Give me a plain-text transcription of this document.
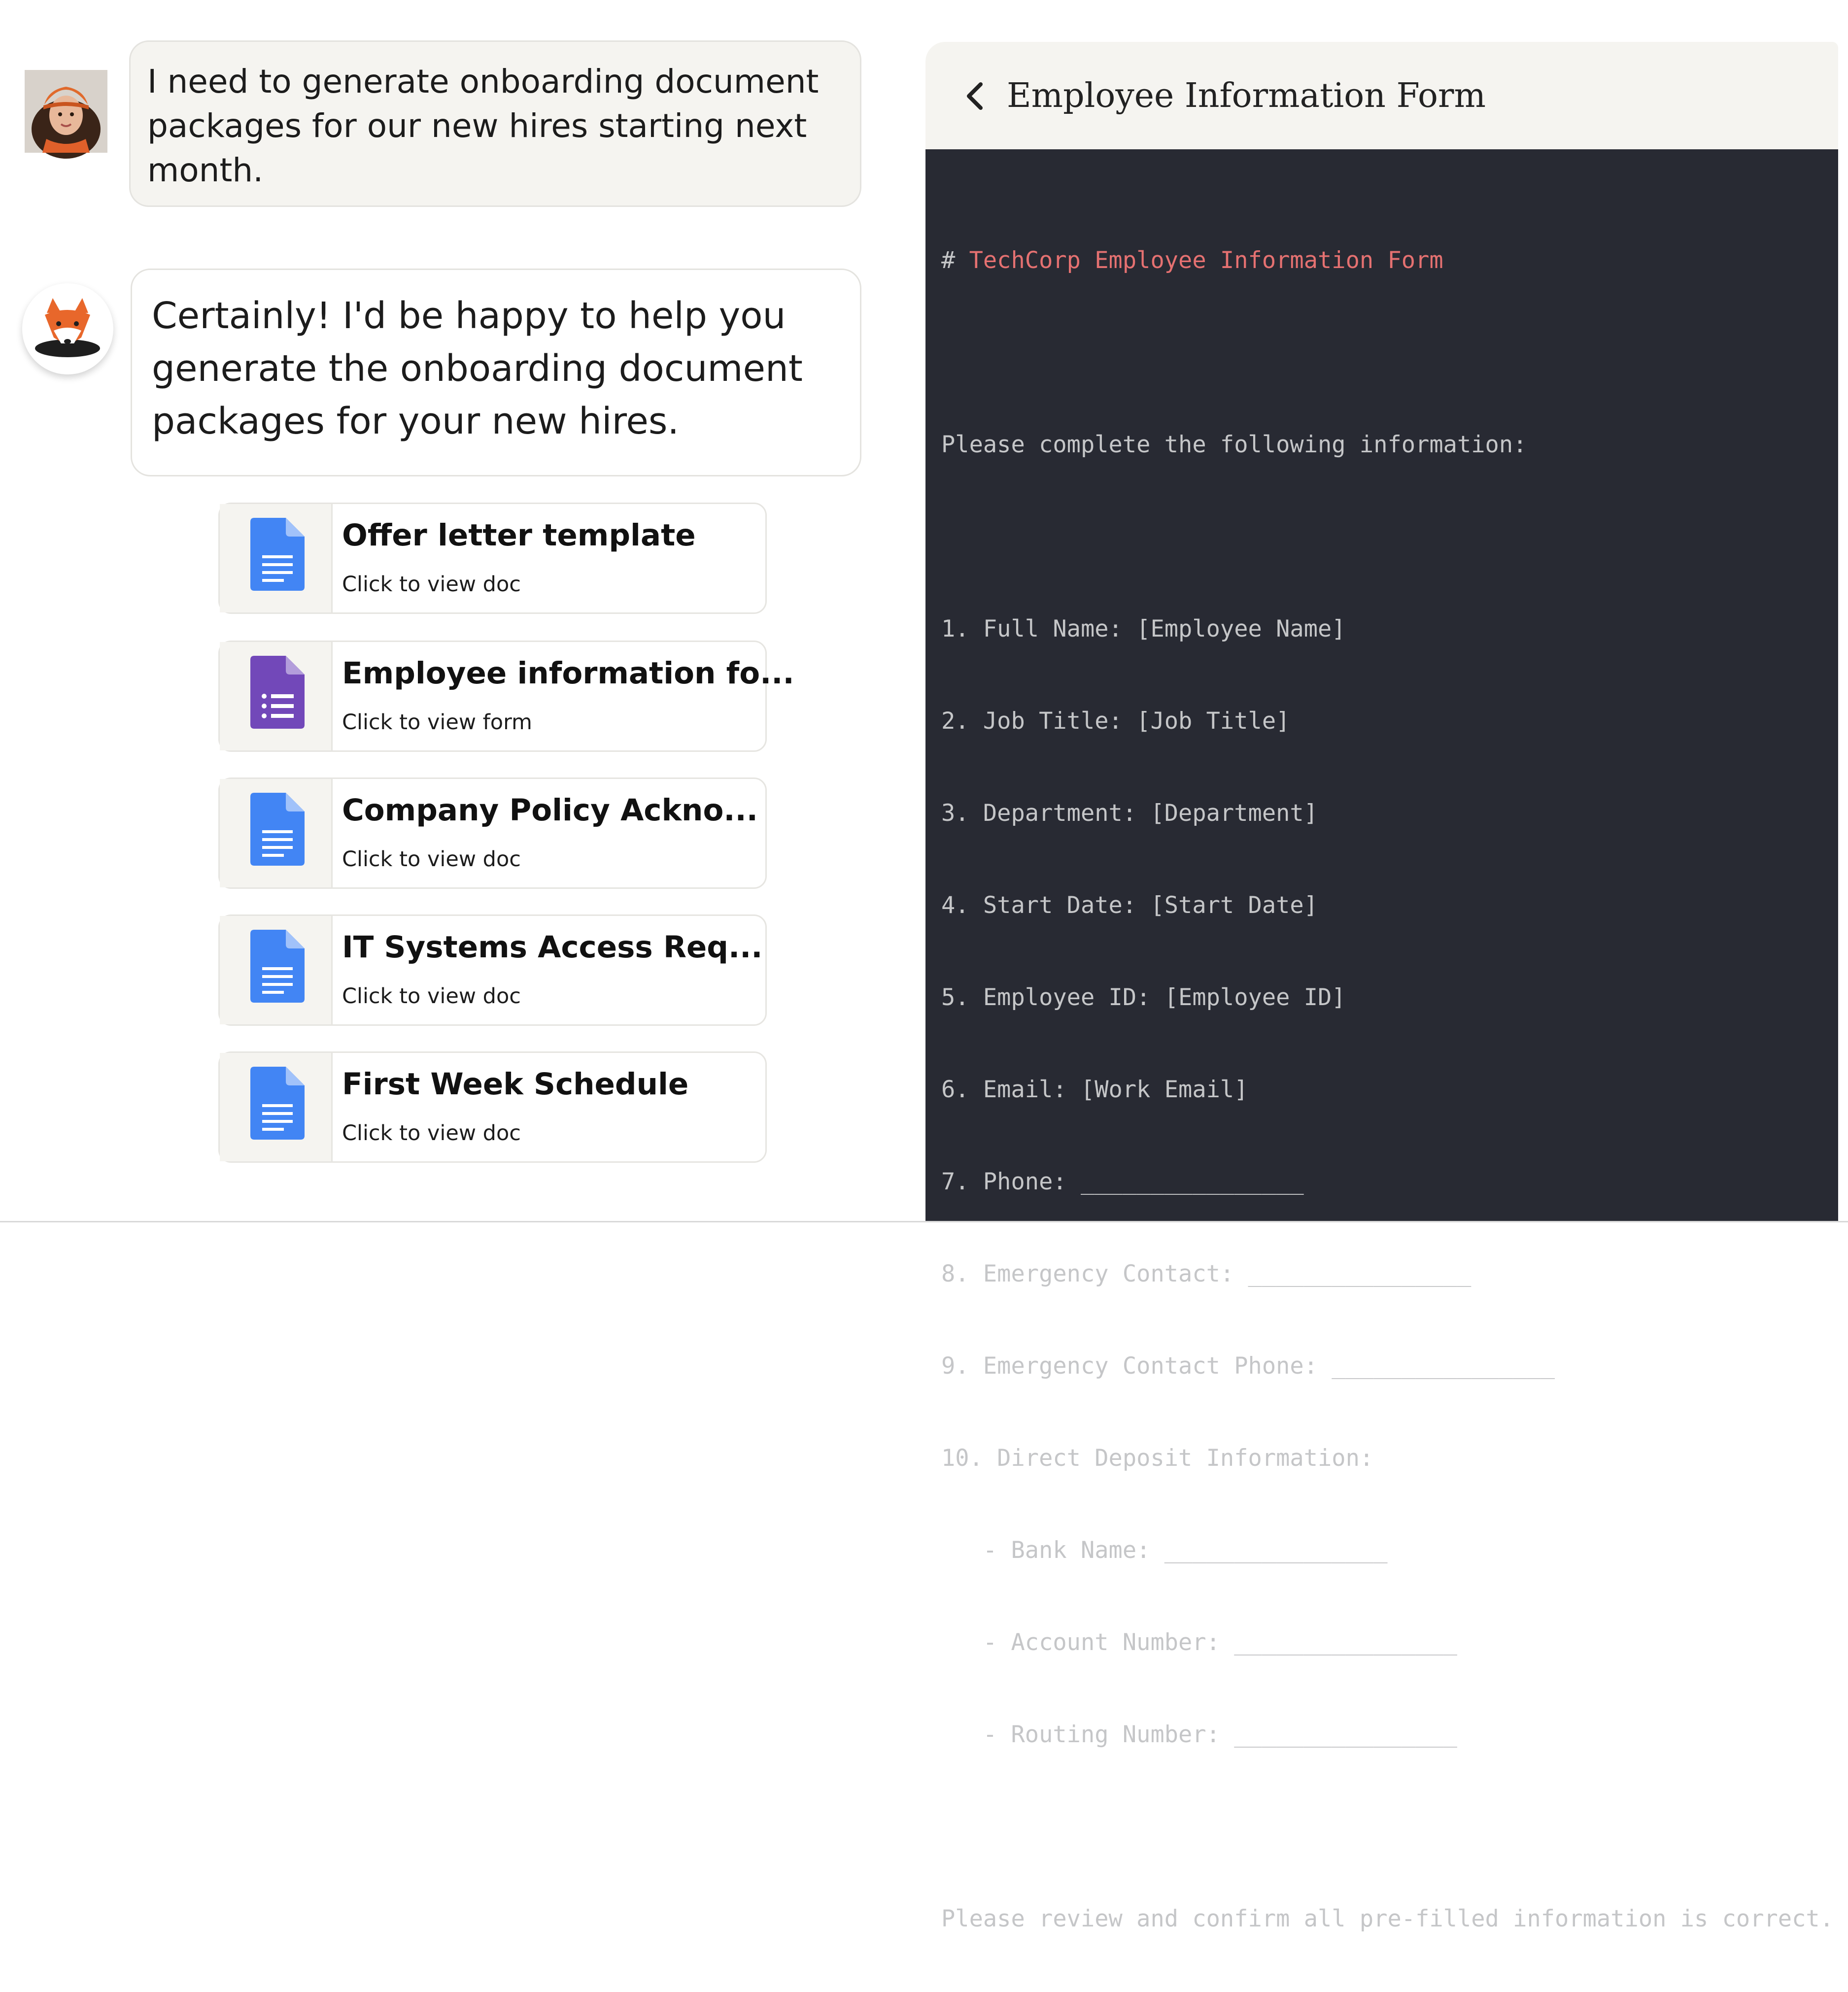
I need to generate onboarding document packages for our new hires starting next month.
Certainly! I'd be happy to help you generate the onboarding document packages for your new hires.
Offer letter template
Click to view doc
Employee information fo...
Click to view form
Company Policy Ackno...
Click to view doc
IT Systems Access Req...
Click to view doc
First Week Schedule
Click to view doc
Employee Information Form

# TechCorp Employee Information Form

Please complete the following information:

1. Full Name: [Employee Name]

2. Job Title: [Job Title]

3. Department: [Department]

4. Start Date: [Start Date]

5. Employee ID: [Employee ID]

6. Email: [Work Email]

7. Phone: ________________

8. Emergency Contact: ________________

9. Emergency Contact Phone: ________________

10. Direct Deposit Information:

- Bank Name: ________________

- Account Number: ________________

- Routing Number: ________________

Please review and confirm all pre-filled information is correct.
